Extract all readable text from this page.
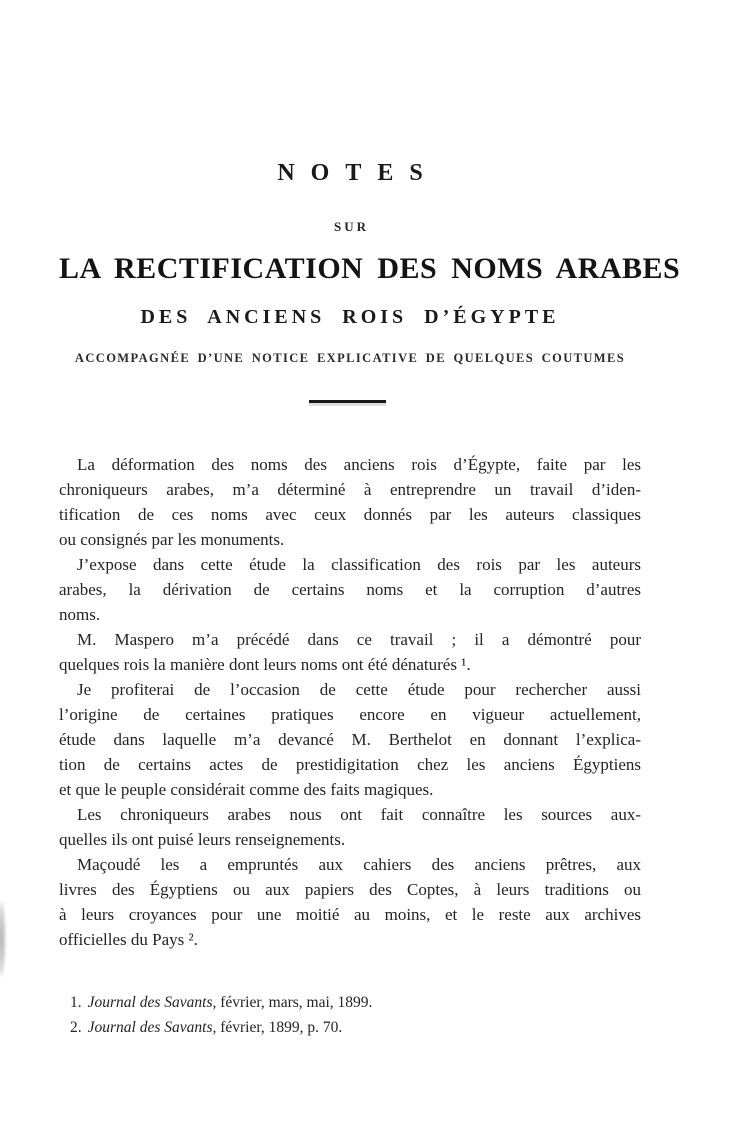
NOTES
SUR
LA RECTIFICATION DES NOMS ARABES
DES ANCIENS ROIS D’ÉGYPTE
ACCOMPAGNÉE D’UNE NOTICE EXPLICATIVE DE QUELQUES COUTUMES
La déformation des noms des anciens rois d’Égypte, faite par les
chroniqueurs arabes, m’a déterminé à entreprendre un travail d’iden-
tification de ces noms avec ceux donnés par les auteurs classiques
ou consignés par les monuments.
J’expose dans cette étude la classification des rois par les auteurs
arabes, la dérivation de certains noms et la corruption d’autres
noms.
M. Maspero m’a précédé dans ce travail ; il a démontré pour
quelques rois la manière dont leurs noms ont été dénaturés ¹.
Je profiterai de l’occasion de cette étude pour rechercher aussi
l’origine de certaines pratiques encore en vigueur actuellement,
étude dans laquelle m’a devancé M. Berthelot en donnant l’explica-
tion de certains actes de prestidigitation chez les anciens Égyptiens
et que le peuple considérait comme des faits magiques.
Les chroniqueurs arabes nous ont fait connaître les sources aux-
quelles ils ont puisé leurs renseignements.
Maçoudé les a empruntés aux cahiers des anciens prêtres, aux
livres des Égyptiens ou aux papiers des Coptes, à leurs traditions ou
à leurs croyances pour une moitié au moins, et le reste aux archives
officielles du Pays ².
1. Journal des Savants, février, mars, mai, 1899.
2. Journal des Savants, février, 1899, p. 70.
